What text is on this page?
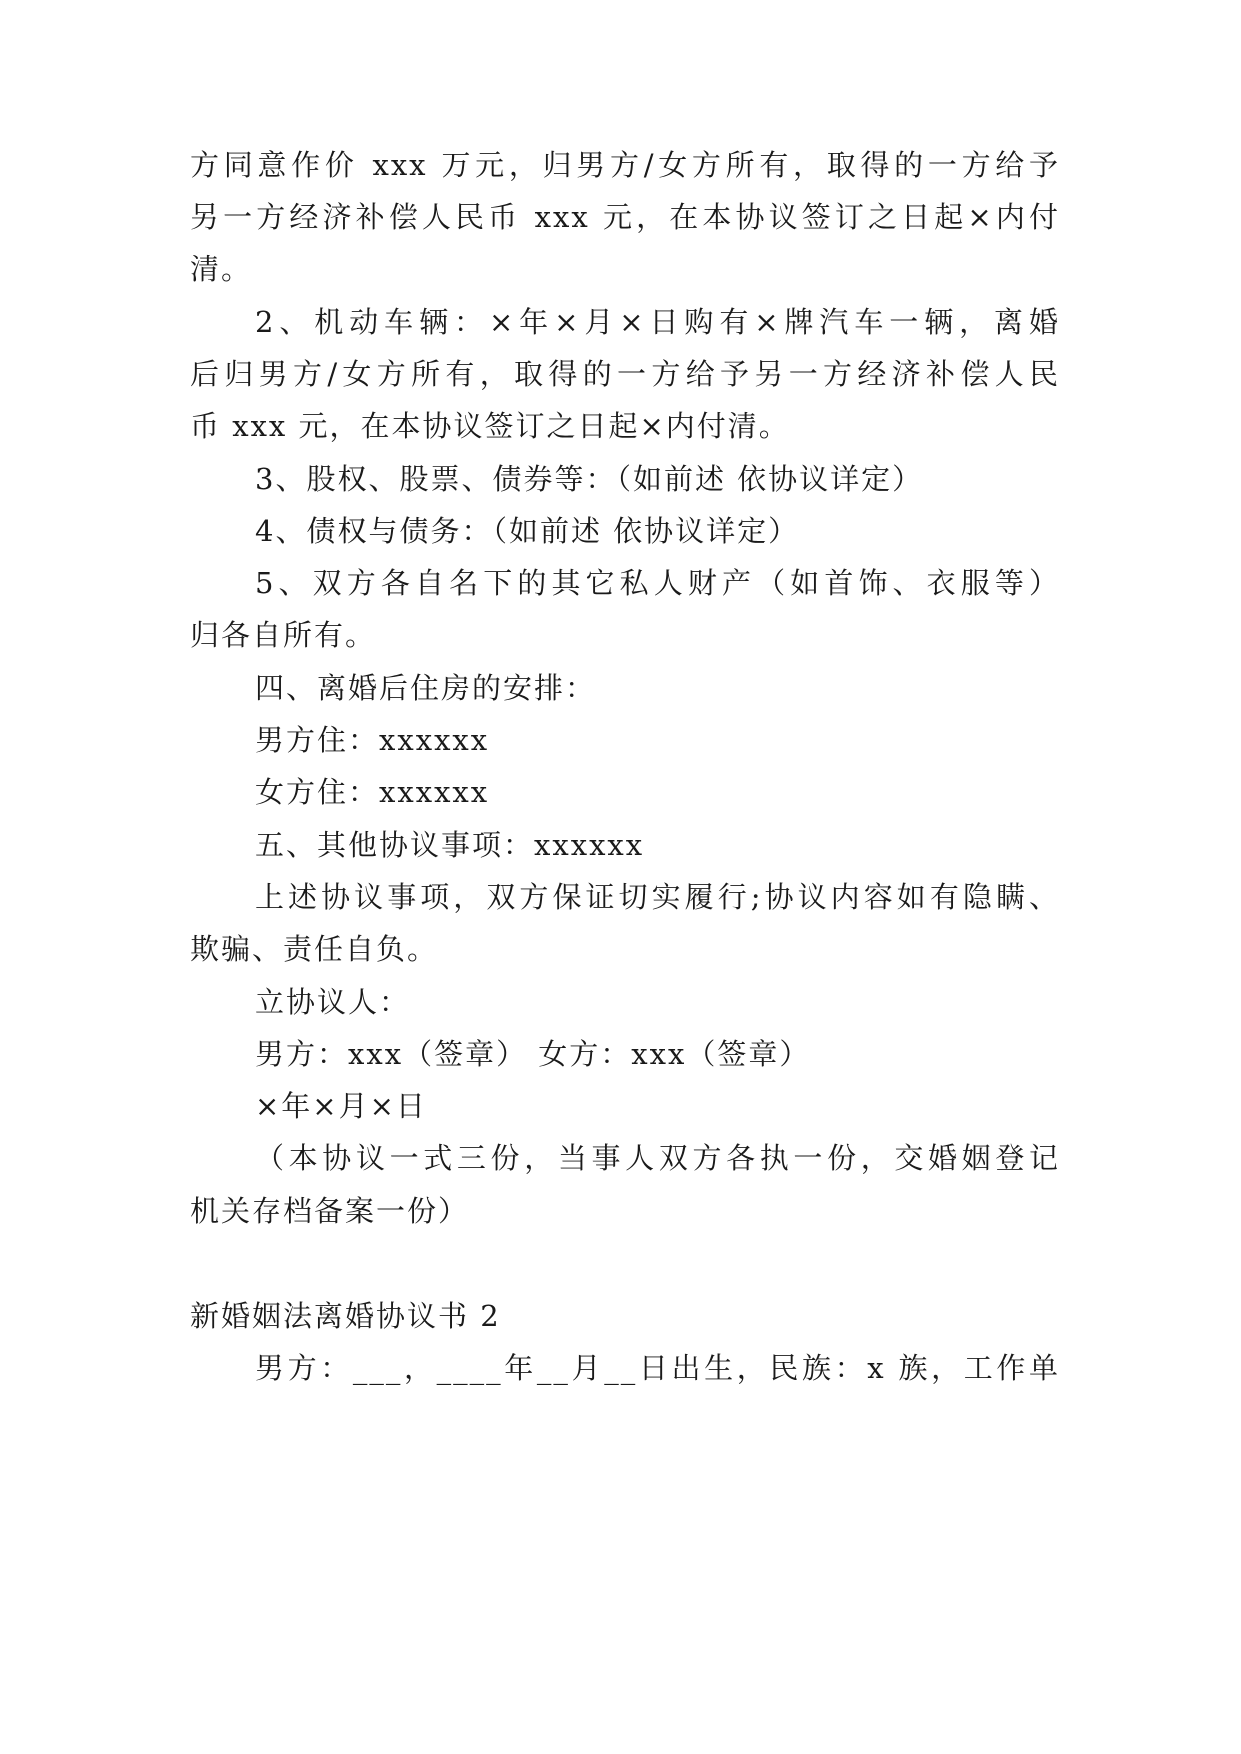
方同意作价 xxx 万元，归男方/女方所有，取得的一方给予
另一方经济补偿人民币 xxx 元，在本协议签订之日起×内付
清。
2、机动车辆：×年×月×日购有×牌汽车一辆，离婚
后归男方/女方所有，取得的一方给予另一方经济补偿人民
币 xxx 元，在本协议签订之日起×内付清。
3、股权、股票、债券等：（如前述 依协议详定）
4、债权与债务：（如前述 依协议详定）
5、双方各自名下的其它私人财产（如首饰、衣服等）
归各自所有。
四、离婚后住房的安排：
男方住：xxxxxx
女方住：xxxxxx
五、其他协议事项：xxxxxx
上述协议事项，双方保证切实履行;协议内容如有隐瞒、
欺骗、责任自负。
立协议人：
男方：xxx（签章） 女方：xxx（签章）
×年×月×日
（本协议一式三份，当事人双方各执一份，交婚姻登记
机关存档备案一份）
新婚姻法离婚协议书 2
男方：___，____年__月__日出生，民族：x 族，工作单
